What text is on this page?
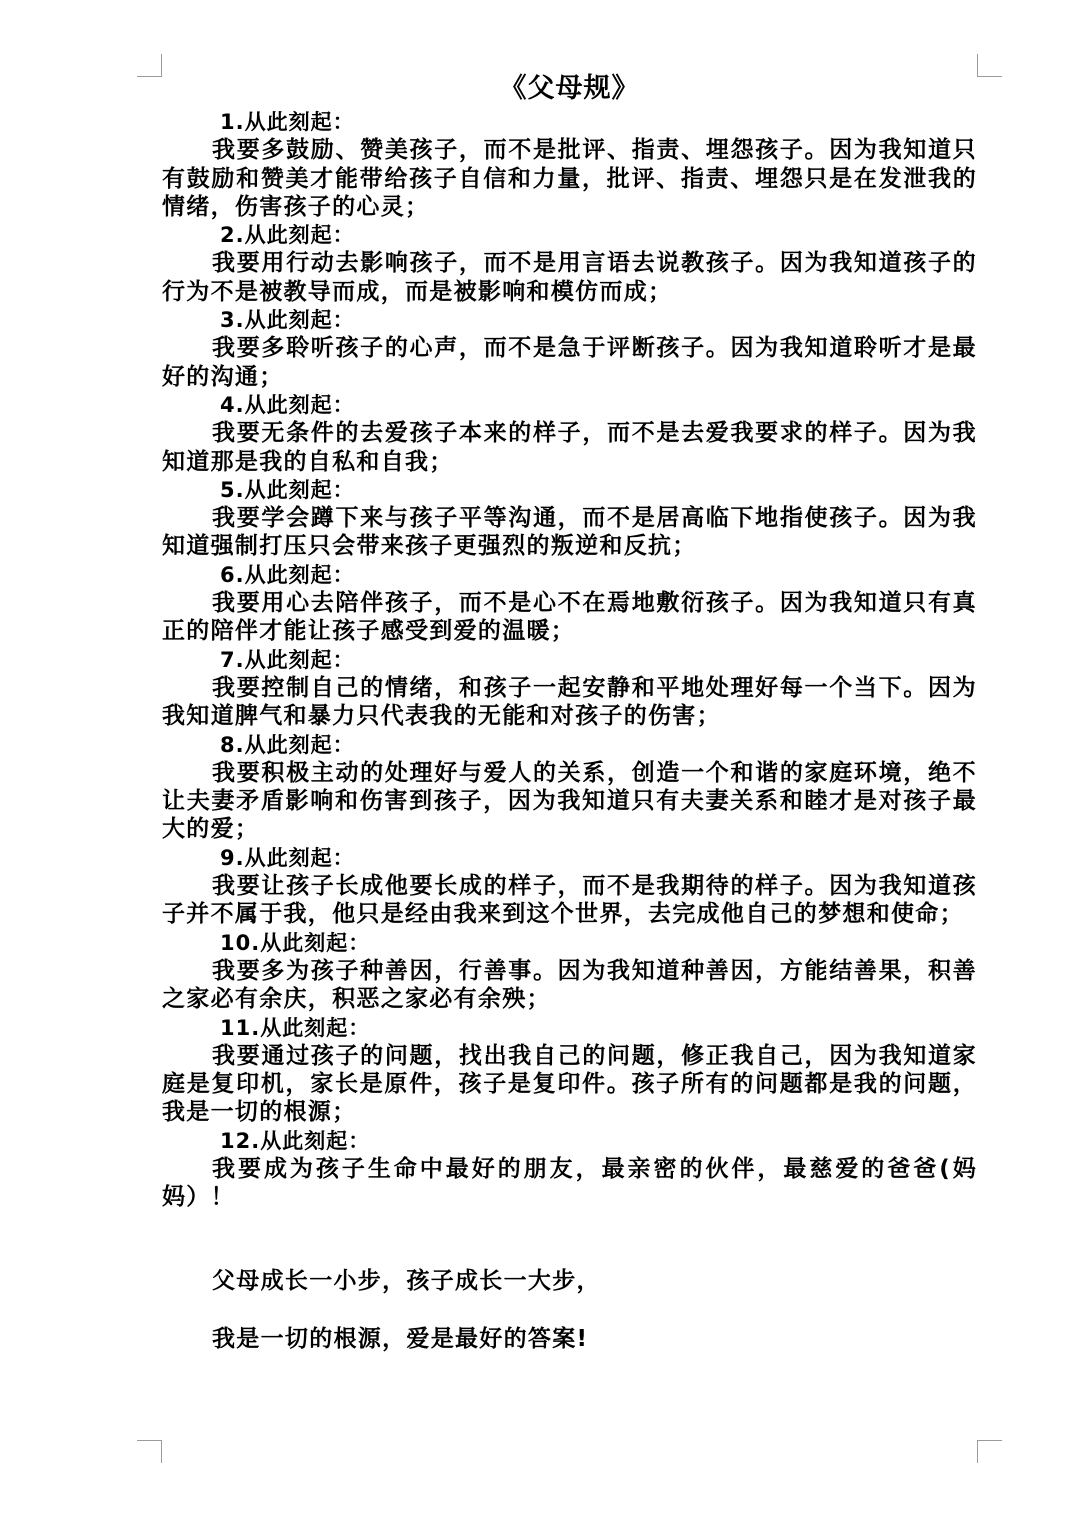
《父母规》
1.从此刻起：
我要多鼓励、赞美孩子，而不是批评、指责、埋怨孩子。因为我知道只有鼓励和赞美才能带给孩子自信和力量，批评、指责、埋怨只是在发泄我的情绪，伤害孩子的心灵；
2.从此刻起：
我要用行动去影响孩子，而不是用言语去说教孩子。因为我知道孩子的行为不是被教导而成，而是被影响和模仿而成；
3.从此刻起：
我要多聆听孩子的心声，而不是急于评断孩子。因为我知道聆听才是最好的沟通；
4.从此刻起：
我要无条件的去爱孩子本来的样子，而不是去爱我要求的样子。因为我知道那是我的自私和自我；
5.从此刻起：
我要学会蹲下来与孩子平等沟通，而不是居高临下地指使孩子。因为我知道强制打压只会带来孩子更强烈的叛逆和反抗；
6.从此刻起：
我要用心去陪伴孩子，而不是心不在焉地敷衍孩子。因为我知道只有真正的陪伴才能让孩子感受到爱的温暖；
7.从此刻起：
我要控制自己的情绪，和孩子一起安静和平地处理好每一个当下。因为我知道脾气和暴力只代表我的无能和对孩子的伤害；
8.从此刻起：
我要积极主动的处理好与爱人的关系，创造一个和谐的家庭环境，绝不让夫妻矛盾影响和伤害到孩子，因为我知道只有夫妻关系和睦才是对孩子最大的爱；
9.从此刻起：
我要让孩子长成他要长成的样子，而不是我期待的样子。因为我知道孩子并不属于我，他只是经由我来到这个世界，去完成他自己的梦想和使命；
10.从此刻起：
我要多为孩子种善因，行善事。因为我知道种善因，方能结善果，积善之家必有余庆，积恶之家必有余殃；
11.从此刻起：
我要通过孩子的问题，找出我自己的问题，修正我自己，因为我知道家庭是复印机，家长是原件，孩子是复印件。孩子所有的问题都是我的问题，我是一切的根源；
12.从此刻起：
我要成为孩子生命中最好的朋友，最亲密的伙伴，最慈爱的爸爸(妈妈）！
父母成长一小步，孩子成长一大步，
我是一切的根源，爱是最好的答案!
